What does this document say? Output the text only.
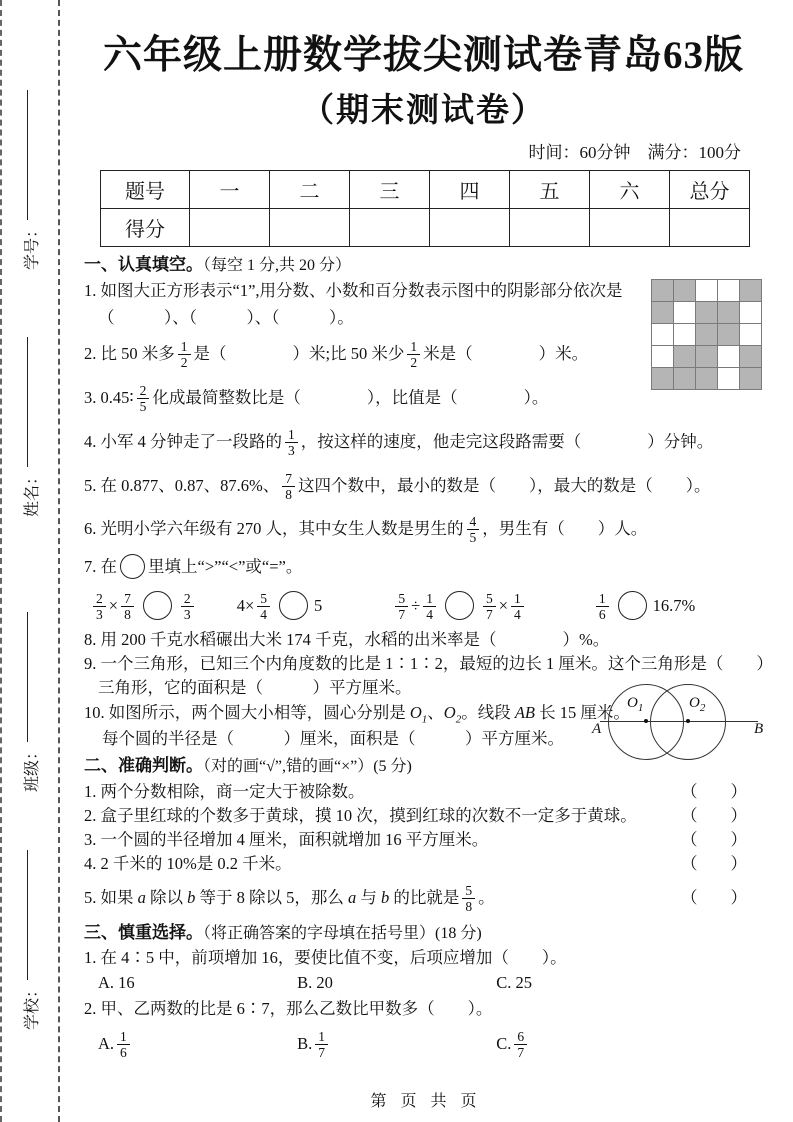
学号：
姓名：
班级：
学校：
六年级上册数学拔尖测试卷青岛63版
（期末测试卷）
时间：60分钟　满分：100分
题号	一	二	三	四	五	六	总分
得分							
一、认真填空。（每空 1 分,共 20 分）
1. 如图大正方形表示“1”,用分数、小数和百分数表示图中的阴影部分依次是
（　　　）、（　　　）、（　　　）。
2. 比 50 米多 $\frac{1}{2}$ 是（　　　　）米;比 50 米少 $\frac{1}{2}$ 米是（　　　　）米。
3. 0.45∶ $\frac{2}{5}$ 化成最简整数比是（　　　　），比值是（　　　　）。
4. 小军 4 分钟走了一段路的 $\frac{1}{3}$ ，按这样的速度，他走完这段路需要（　　　　）分钟。
5. 在 0.877、0.87、87.6%、 $\frac{7}{8}$ 这四个数中，最小的数是（　　），最大的数是（　　）。
6. 光明小学六年级有 270 人，其中女生人数是男生的 $\frac{4}{5}$ ，男生有（　　）人。
7. 在 里填上“>”“<”或“=”。
$\frac{2}{3} \times \frac{7}{8}$	$\frac{2}{3}$	$4\times \frac{5}{4}$	5	$\frac{5}{7} \div \frac{1}{4}$	$\frac{5}{7} \times \frac{1}{4}$
	$\frac{1}{6}$	16.7%
8. 用 200 千克水稻碾出大米 174 千克，水稻的出米率是（　　　　）%。
9. 一个三角形，已知三个内角度数的比是 1∶1∶2，最短的边长 1 厘米。这个三角形是（　　）
三角形，它的面积是（　　　）平方厘米。
10. 如图所示，两个圆大小相等，圆心分别是 $O_1$、$O_2$。线段 AB 长 15 厘米。
每个圆的半径是（　　　）厘米，面积是（　　　）平方厘米。
二、准确判断。（对的画“√”,错的画“×”）(5 分)
1. 两个分数相除，商一定大于被除数。	（　　）
2. 盒子里红球的个数多于黄球，摸 10 次，摸到红球的次数不一定多于黄球。	（　　）
3. 一个圆的半径增加 4 厘米，面积就增加 16 平方厘米。	（　　）
4. 2 千米的 10%是 0.2 千米。	（　　）
5. 如果 a 除以 b 等于 8 除以 5，那么 a 与 b 的比就是 $\frac{5}{8}$ 。	（　　）
三、慎重选择。（将正确答案的字母填在括号里）(18 分)
1. 在 4∶5 中，前项增加 16，要使比值不变，后项应增加（　　）。
A. 16	B. 20	C. 25
2. 甲、乙两数的比是 6∶7，那么乙数比甲数多（　　）。
A. $\frac{1}{6}$	B. $\frac{1}{7}$	C. $\frac{6}{7}$

A	B
$O_1$	$O_2$
第 页 共 页
